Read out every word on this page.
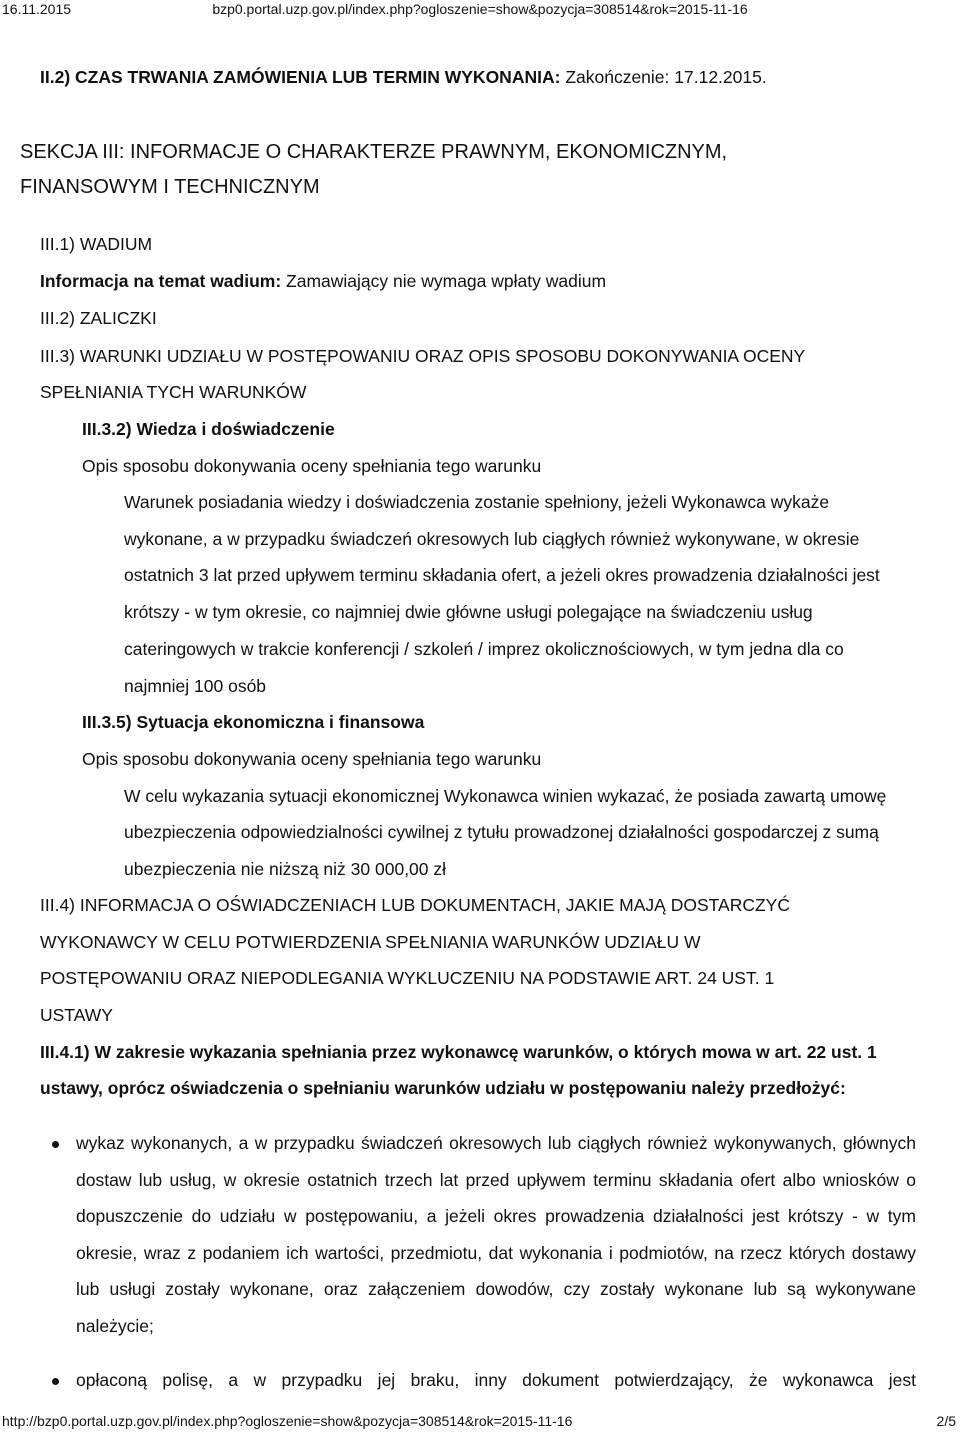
16.11.2015	bzp0.portal.uzp.gov.pl/index.php?ogloszenie=show&pozycja=308514&rok=2015-11-16
II.2) CZAS TRWANIA ZAMÓWIENIA LUB TERMIN WYKONANIA: Zakończenie: 17.12.2015.
SEKCJA III: INFORMACJE O CHARAKTERZE PRAWNYM, EKONOMICZNYM,
FINANSOWYM I TECHNICZNYM
III.1) WADIUM
Informacja na temat wadium: Zamawiający nie wymaga wpłaty wadium
III.2) ZALICZKI
III.3) WARUNKI UDZIAŁU W POSTĘPOWANIU ORAZ OPIS SPOSOBU DOKONYWANIA OCENY
SPEŁNIANIA TYCH WARUNKÓW
III.3.2) Wiedza i doświadczenie
Opis sposobu dokonywania oceny spełniania tego warunku
Warunek posiadania wiedzy i doświadczenia zostanie spełniony, jeżeli Wykonawca wykaże
wykonane, a w przypadku świadczeń okresowych lub ciągłych również wykonywane, w okresie
ostatnich 3 lat przed upływem terminu składania ofert, a jeżeli okres prowadzenia działalności jest
krótszy - w tym okresie, co najmniej dwie główne usługi polegające na świadczeniu usług
cateringowych w trakcie konferencji / szkoleń / imprez okolicznościowych, w tym jedna dla co
najmniej 100 osób
III.3.5) Sytuacja ekonomiczna i finansowa
Opis sposobu dokonywania oceny spełniania tego warunku
W celu wykazania sytuacji ekonomicznej Wykonawca winien wykazać, że posiada zawartą umowę
ubezpieczenia odpowiedzialności cywilnej z tytułu prowadzonej działalności gospodarczej z sumą
ubezpieczenia nie niższą niż 30 000,00 zł
III.4) INFORMACJA O OŚWIADCZENIACH LUB DOKUMENTACH, JAKIE MAJĄ DOSTARCZYĆ
WYKONAWCY W CELU POTWIERDZENIA SPEŁNIANIA WARUNKÓW UDZIAŁU W
POSTĘPOWANIU ORAZ NIEPODLEGANIA WYKLUCZENIU NA PODSTAWIE ART. 24 UST. 1
USTAWY
III.4.1) W zakresie wykazania spełniania przez wykonawcę warunków, o których mowa w art. 22 ust. 1
ustawy, oprócz oświadczenia o spełnianiu warunków udziału w postępowaniu należy przedłożyć:
wykaz wykonanych, a w przypadku świadczeń okresowych lub ciągłych również wykonywanych, głównych dostaw lub usług, w okresie ostatnich trzech lat przed upływem terminu składania ofert albo wniosków o dopuszczenie do udziału w postępowaniu, a jeżeli okres prowadzenia działalności jest krótszy - w tym okresie, wraz z podaniem ich wartości, przedmiotu, dat wykonania i podmiotów, na rzecz których dostawy lub usługi zostały wykonane, oraz załączeniem dowodów, czy zostały wykonane lub są wykonywane należycie;
opłaconą polisę, a w przypadku jej braku, inny dokument potwierdzający, że wykonawca jest
http://bzp0.portal.uzp.gov.pl/index.php?ogloszenie=show&pozycja=308514&rok=2015-11-16	2/5
